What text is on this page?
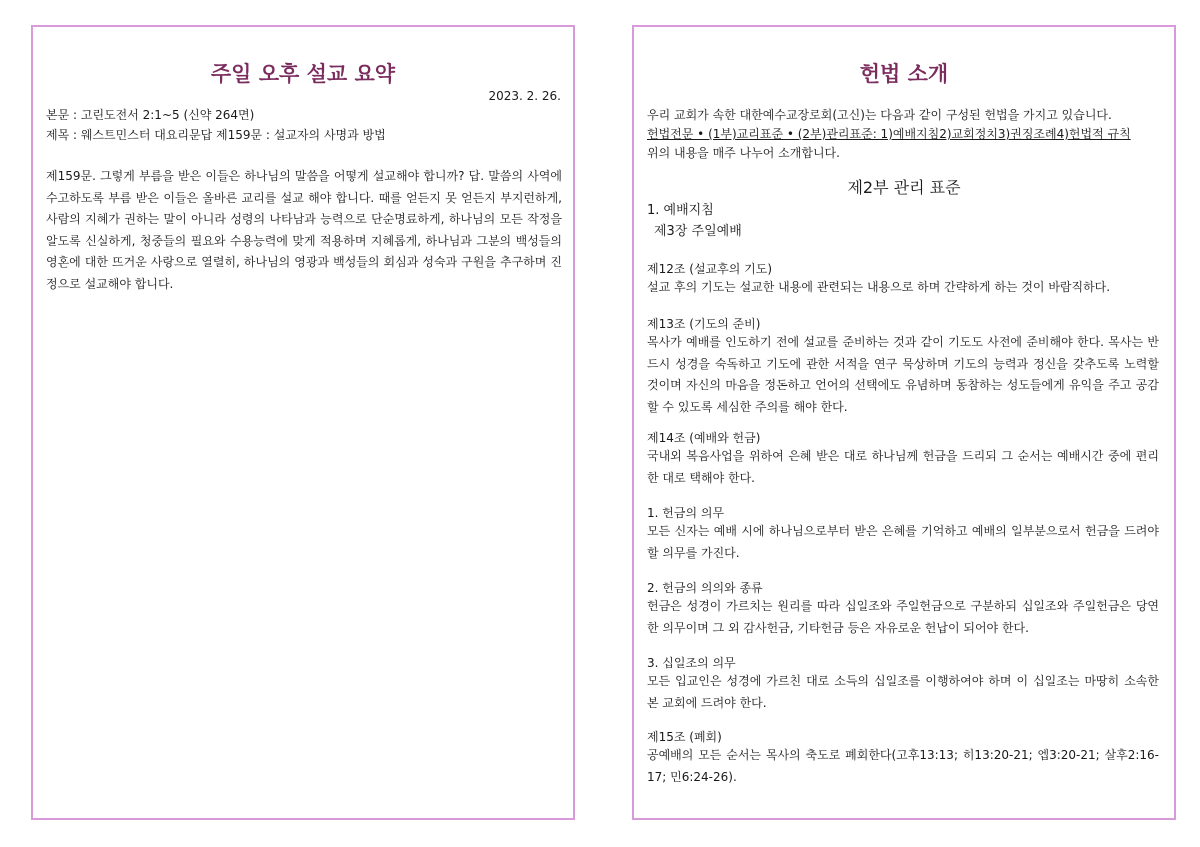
주일 오후 설교 요약
2023. 2. 26.
본문 : 고린도전서 2:1~5 (신약 264면)
제목 : 웨스트민스터 대요리문답 제159문 : 설교자의 사명과 방법
제159문. 그렇게 부름을 받은 이들은 하나님의 말씀을 어떻게 설교해야 합니까? 답. 말씀의 사역에 수고하도록 부름 받은 이들은 올바른 교리를 설교 해야 합니다. 때를 얻든지 못 얻든지 부지런하게, 사람의 지혜가 권하는 말이 아니라 성령의 나타남과 능력으로 단순명료하게, 하나님의 모든 작정을 알도록 신실하게, 청중들의 필요와 수용능력에 맞게 적용하며 지혜롭게, 하나님과 그분의 백성들의 영혼에 대한 뜨거운 사랑으로 열렬히, 하나님의 영광과 백성들의 회심과 성숙과 구원을 추구하며 진정으로 설교해야 합니다.
헌법 소개
우리 교회가 속한 대한예수교장로회(고신)는 다음과 같이 구성된 헌법을 가지고 있습니다.
헌법전문 • (1부)교리표준 • (2부)관리표준: 1)예배지침2)교회정치3)권징조례4)헌법적 규칙
위의 내용을 매주 나누어 소개합니다.
제2부 관리 표준
1. 예배지침
제3장 주일예배
제12조 (설교후의 기도)
설교 후의 기도는 설교한 내용에 관련되는 내용으로 하며 간략하게 하는 것이 바람직하다.
제13조 (기도의 준비)
목사가 예배를 인도하기 전에 설교를 준비하는 것과 같이 기도도 사전에 준비해야 한다. 목사는 반드시 성경을 숙독하고 기도에 관한 서적을 연구 묵상하며 기도의 능력과 정신을 갖추도록 노력할 것이며 자신의 마음을 정돈하고 언어의 선택에도 유념하며 동참하는 성도들에게 유익을 주고 공감할 수 있도록 세심한 주의를 해야 한다.
제14조 (예배와 헌금)
국내외 복음사업을 위하여 은혜 받은 대로 하나님께 헌금을 드리되 그 순서는 예배시간 중에 편리한 대로 택해야 한다.
1. 헌금의 의무
모든 신자는 예배 시에 하나님으로부터 받은 은혜를 기억하고 예배의 일부분으로서 헌금을 드려야 할 의무를 가진다.
2. 헌금의 의의와 종류
헌금은 성경이 가르치는 원리를 따라 십일조와 주일헌금으로 구분하되 십일조와 주일헌금은 당연한 의무이며 그 외 감사헌금, 기타헌금 등은 자유로운 헌납이 되어야 한다.
3. 십일조의 의무
모든 입교인은 성경에 가르친 대로 소득의 십일조를 이행하여야 하며 이 십일조는 마땅히 소속한 본 교회에 드려야 한다.
제15조 (폐회)
공예배의 모든 순서는 목사의 축도로 폐회한다(고후13:13; 히13:20-21; 엡3:20-21; 살후2:16-17; 민6:24-26).
